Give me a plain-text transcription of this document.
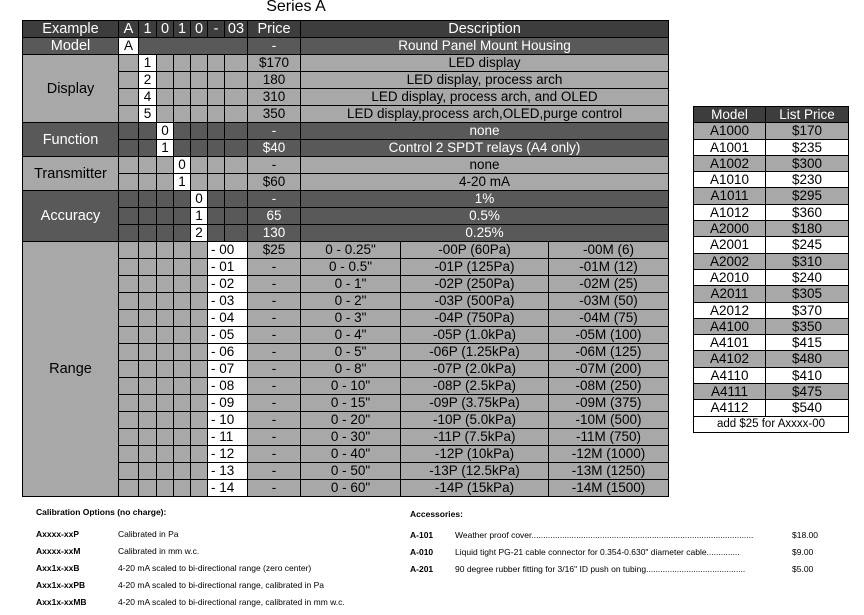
Series A
Example	A	1	0	1	0	-	03	Price	Description		
Model	A							-	Round Panel Mount Housing		
Display		1						$170	LED display		
		2						180	LED display, process arch		
		4						310	LED display, process arch, and OLED		
		5						350	LED display,process arch,OLED,purge control		
Function			0					-	none		
			1					$40	Control 2 SPDT relays (A4 only)		
Transmitter				0				-	none		
				1				$60	4-20 mA		
Accuracy					0			-	1%		
					1			65	0.5%		
					2			130	0.25%		
Range						- 00		$25	0 - 0.25"	-00P (60Pa)	-00M (6)
						- 01		-	0 - 0.5"	-01P (125Pa)	-01M (12)
						- 02		-	0 - 1"	-02P (250Pa)	-02M (25)
						- 03		-	0 - 2"	-03P (500Pa)	-03M (50)
						- 04		-	0 - 3"	-04P (750Pa)	-04M (75)
						- 05		-	0 - 4"	-05P (1.0kPa)	-05M (100)
						- 06		-	0 - 5"	-06P (1.25kPa)	-06M (125)
						- 07		-	0 - 8"	-07P (2.0kPa)	-07M (200)
						- 08		-	0 - 10"	-08P (2.5kPa)	-08M (250)
						- 09		-	0 - 15"	-09P (3.75kPa)	-09M (375)
						- 10		-	0 - 20"	-10P (5.0kPa)	-10M (500)
						- 11		-	0 - 30"	-11P (7.5kPa)	-11M (750)
						- 12		-	0 - 40"	-12P (10kPa)	-12M (1000)
						- 13		-	0 - 50"	-13P (12.5kPa)	-13M (1250)
						- 14		-	0 - 60"	-14P (15kPa)	-14M (1500)
Model	List Price
A1000	$170
A1001	$235
A1002	$300
A1010	$230
A1011	$295
A1012	$360
A2000	$180
A2001	$245
A2002	$310
A2010	$240
A2011	$305
A2012	$370
A4100	$350
A4101	$415
A4102	$480
A4110	$410
A4111	$475
A4112	$540
add $25 for Axxxx-00	
Calibration Options (no charge):
Axxxx-xxP	Calibrated in Pa
Axxxx-xxM	Calibrated in mm w.c.
Axx1x-xxB	4-20 mA scaled to bi-directional range (zero center)
Axx1x-xxPB	4-20 mA scaled to bi-directional range, calibrated in Pa
Axx1x-xxMB	4-20 mA scaled to bi-directional range, calibrated in mm w.c.
Accessories:
A-101	Weather proof cover..............................................................................................	$18.00
A-010	Liquid tight PG-21 cable connector for 0.354-0.630" diameter cable..............	$9.00
A-201	90 degree rubber fitting for 3/16" ID push on tubing..........................................	$5.00
